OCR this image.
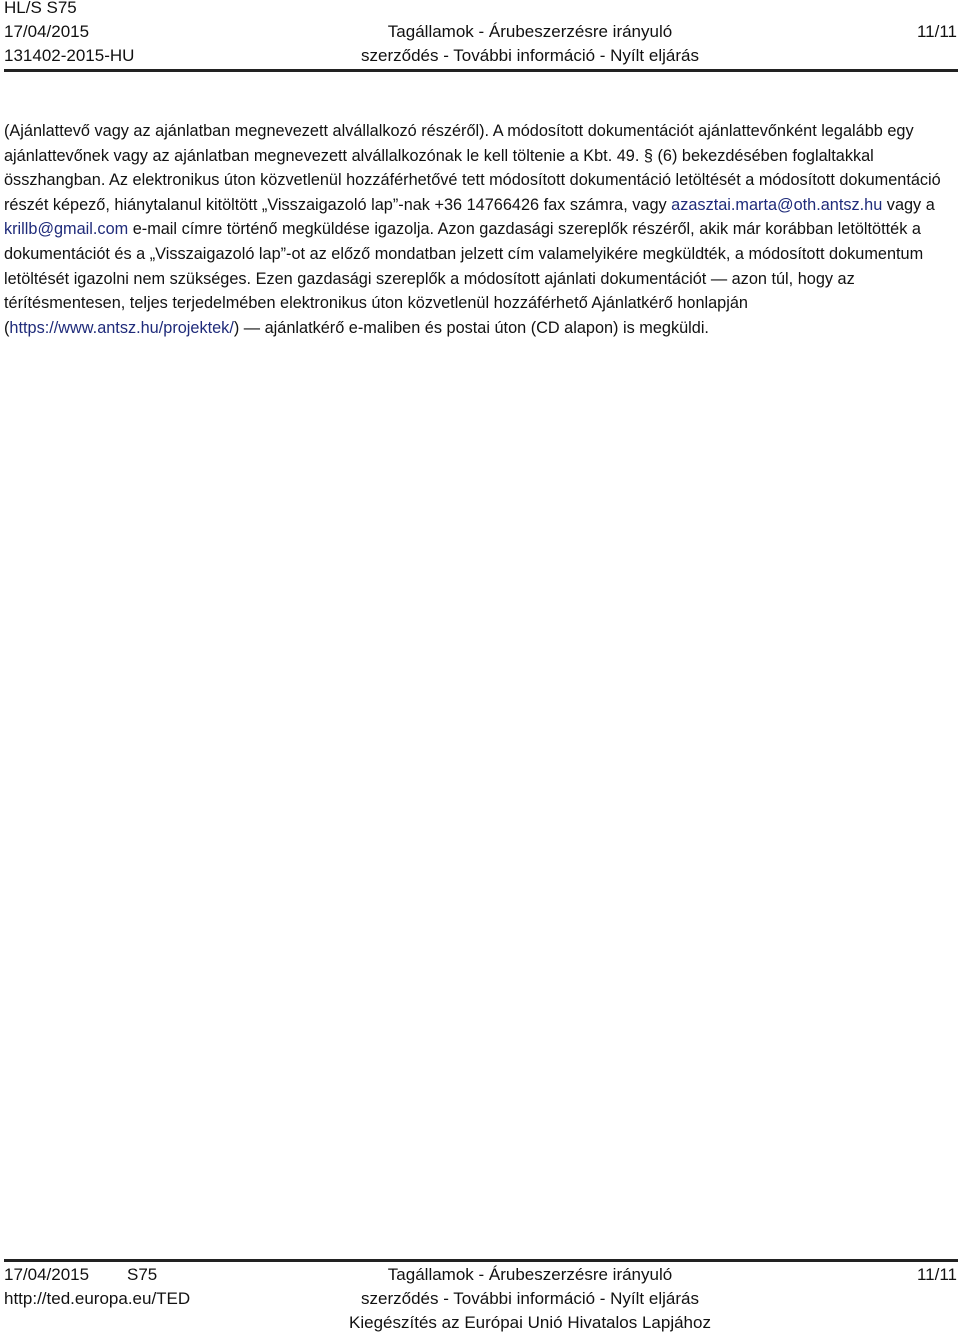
HL/S S75
17/04/2015
131402-2015-HU
Tagállamok - Árubeszerzésre irányuló
szerződés - További információ - Nyílt eljárás
11/11
(Ajánlattevő vagy az ajánlatban megnevezett alvállalkozó részéről). A módosított dokumentációt ajánlattevőnként legalább egy ajánlattevőnek vagy az ajánlatban megnevezett alvállalkozónak le kell töltenie a Kbt. 49. § (6) bekezdésében foglaltakkal összhangban. Az elektronikus úton közvetlenül hozzáférhetővé tett módosított dokumentáció letöltését a módosított dokumentáció részét képező, hiánytalanul kitöltött „Visszaigazoló lap”-nak +36 14766426 fax számra, vagy azasztai.marta@oth.antsz.hu vagy a krillb@gmail.com e-mail címre történő megküldése igazolja. Azon gazdasági szereplők részéről, akik már korábban letöltötték a dokumentációt és a „Visszaigazoló lap”-ot az előző mondatban jelzett cím valamelyikére megküldték, a módosított dokumentum letöltését igazolni nem szükséges. Ezen gazdasági szereplők a módosított ajánlati dokumentációt — azon túl, hogy az térítésmentesen, teljes terjedelmében elektronikus úton közvetlenül hozzáférhető Ajánlatkérő honlapján (https://www.antsz.hu/projektek/) — ajánlatkérő e-maliben és postai úton (CD alapon) is megküldi.
17/04/2015 S75
http://ted.europa.eu/TED
Tagállamok - Árubeszerzésre irányuló
szerződés - További információ - Nyílt eljárás
Kiegészítés az Európai Unió Hivatalos Lapjához
11/11
